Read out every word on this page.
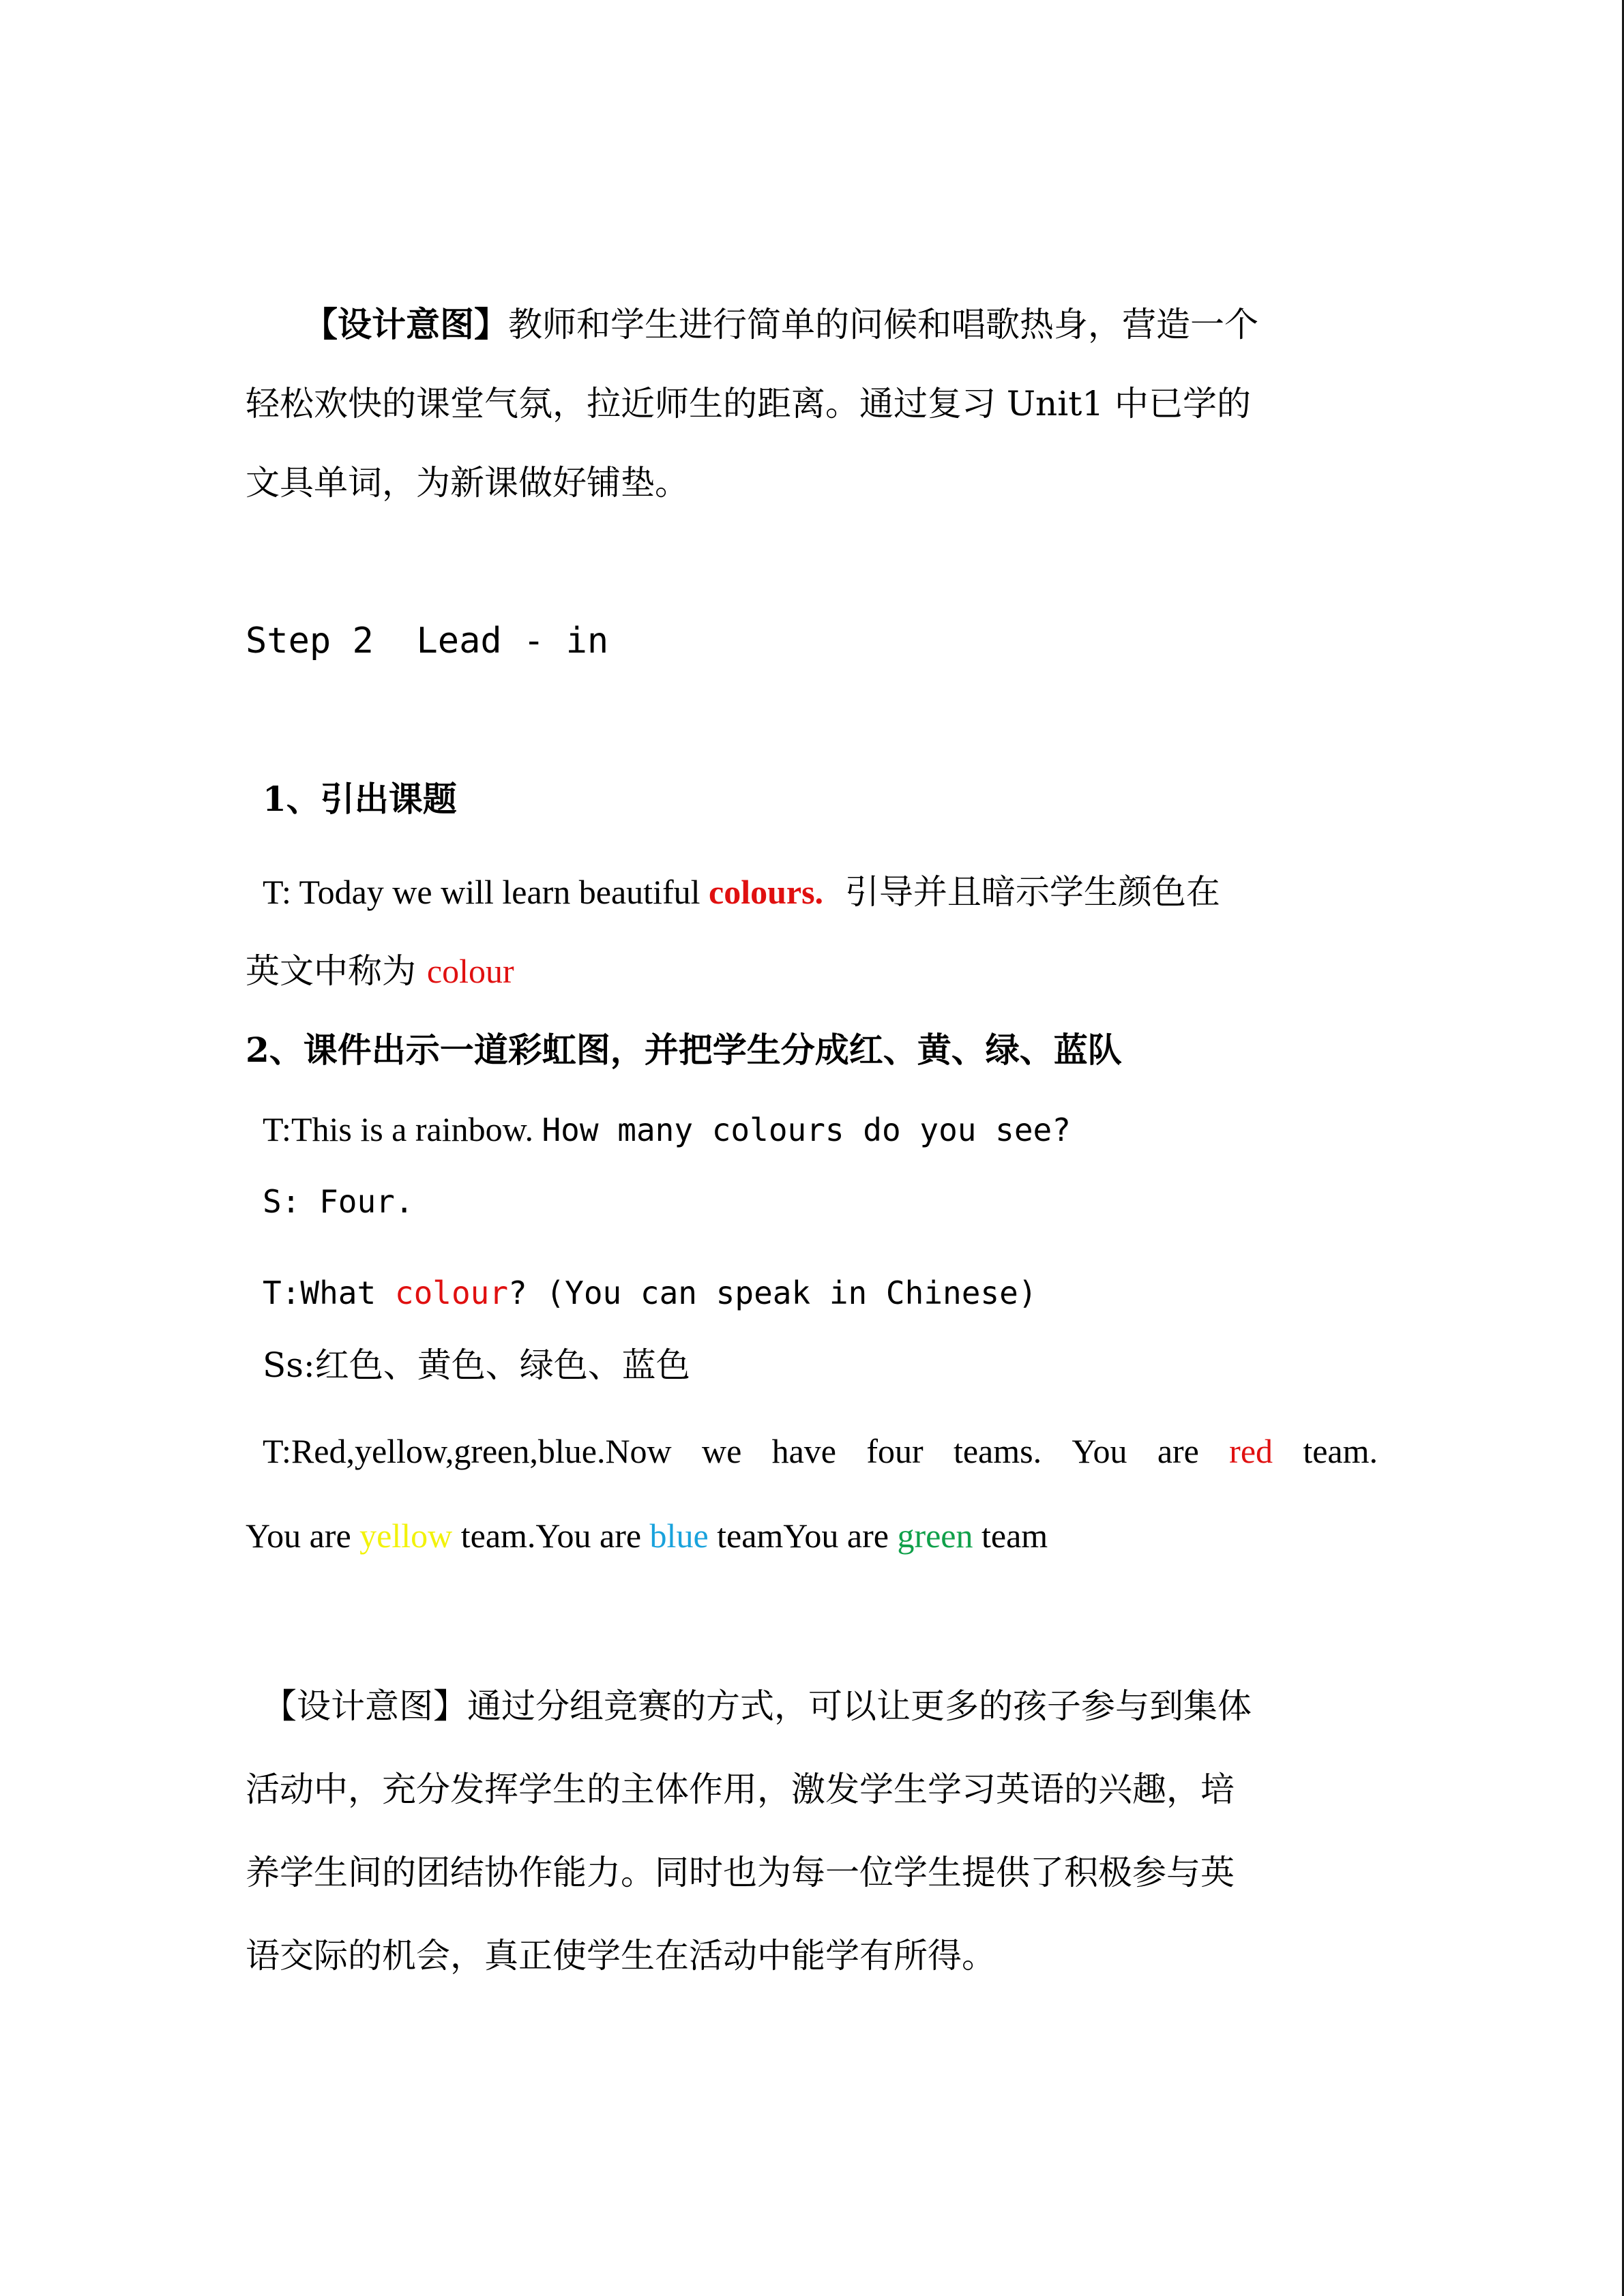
【设计意图】教师和学生进行简单的问候和唱歌热身，营造一个
轻松欢快的课堂气氛，拉近师生的距离。通过复习 Unit1 中已学的
文具单词，为新课做好铺垫。
Step 2  Lead - in
1、引出课题
T: Today we will learn beautiful colours.  引导并且暗示学生颜色在
英文中称为 colour
2、课件出示一道彩虹图，并把学生分成红、黄、绿、蓝队
T:This is a rainbow. How many colours do you see?
S: Four.
T:What colour? (You can speak in Chinese)
Ss:红色、黄色、绿色、蓝色
T:Red,yellow,green,blue.Now we have four teams. You are red team.
You are yellow team.You are blue teamYou are green team
【设计意图】通过分组竞赛的方式，可以让更多的孩子参与到集体
活动中，充分发挥学生的主体作用，激发学生学习英语的兴趣，培
养学生间的团结协作能力。同时也为每一位学生提供了积极参与英
语交际的机会，真正使学生在活动中能学有所得。
